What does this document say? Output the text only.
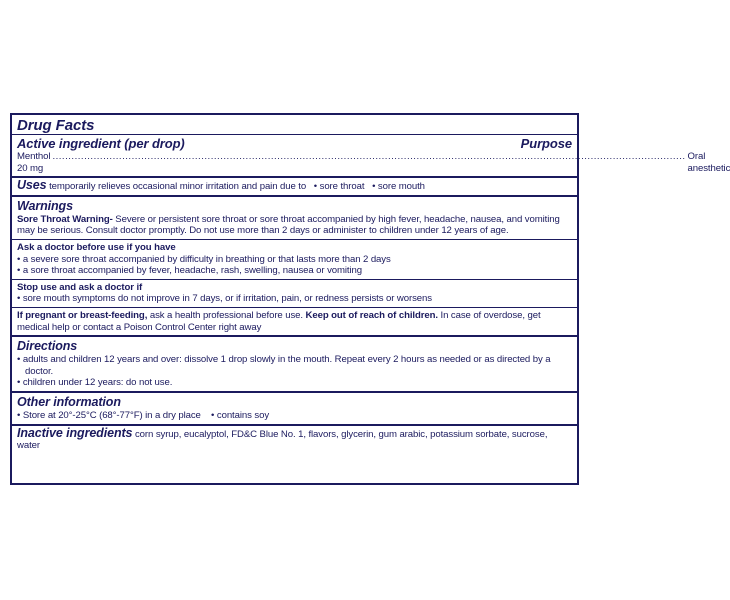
Drug Facts
Active ingredient (per drop)	Purpose
Menthol 20 mg
........................................................................................................................................................................................................ Oral anesthetic
Uses temporarily relieves occasional minor irritation and pain due to   • sore throat   • sore mouth
Warnings
Sore Throat Warning- Severe or persistent sore throat or sore throat accompanied by high fever, headache, nausea, and vomiting may be serious. Consult doctor promptly. Do not use more than 2 days or administer to children under 12 years of age.
Ask a doctor before use if you have
• a severe sore throat accompanied by difficulty in breathing or that lasts more than 2 days
• a sore throat accompanied by fever, headache, rash, swelling, nausea or vomiting
Stop use and ask a doctor if
• sore mouth symptoms do not improve in 7 days, or if irritation, pain, or redness persists or worsens
If pregnant or breast-feeding, ask a health professional before use. Keep out of reach of children. In case of overdose, get medical help or contact a Poison Control Center right away
Directions
• adults and children 12 years and over: dissolve 1 drop slowly in the mouth. Repeat every 2 hours as needed or as directed by a doctor.
• children under 12 years: do not use.
Other information
• Store at 20°-25°C (68°-77°F) in a dry place    • contains soy
Inactive ingredients corn syrup, eucalyptol, FD&C Blue No. 1, flavors, glycerin, gum arabic, potassium sorbate, sucrose, water
